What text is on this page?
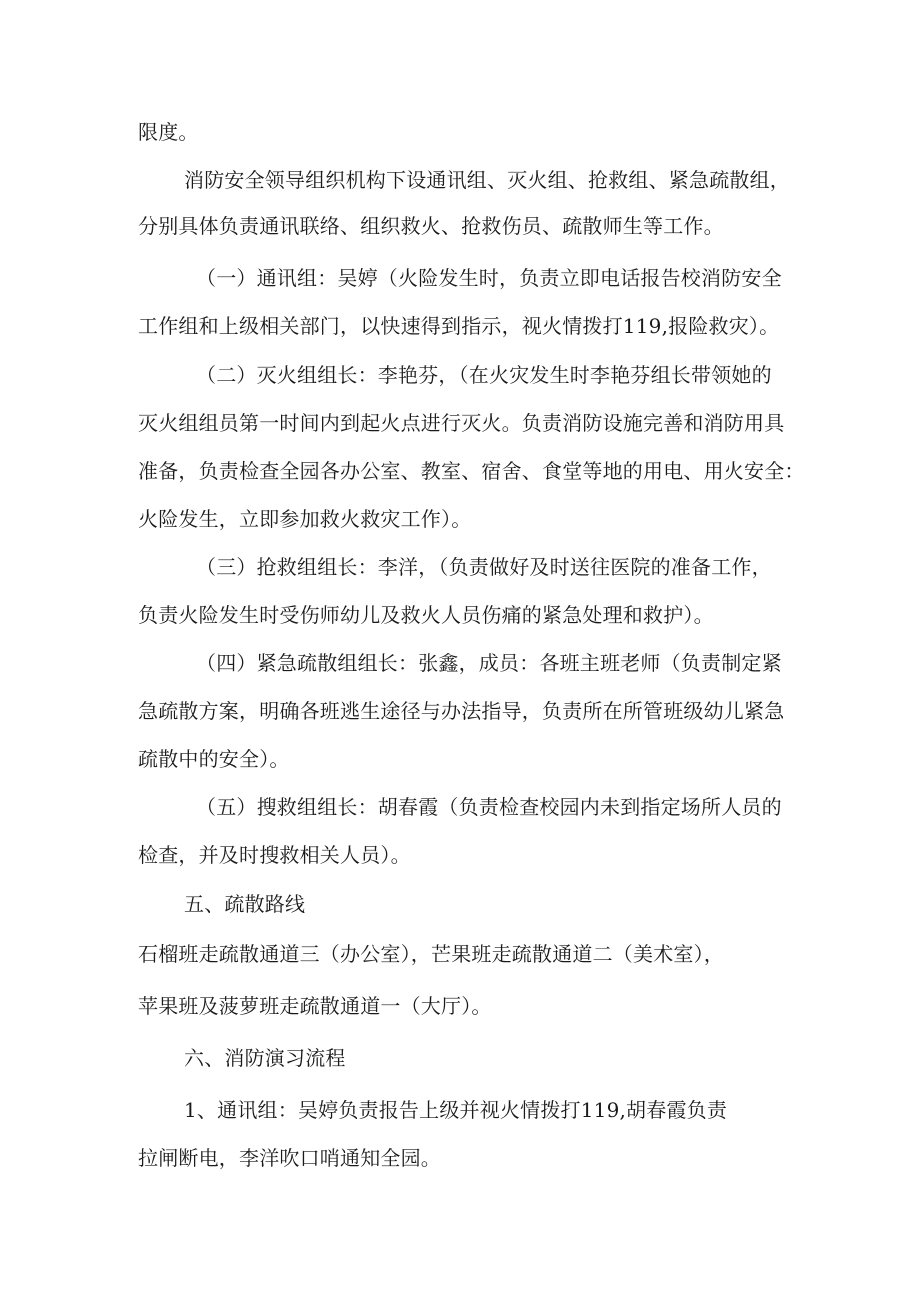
限度。
消防安全领导组织机构下设通讯组、灭火组、抢救组、紧急疏散组，
分别具体负责通讯联络、组织救火、抢救伤员、疏散师生等工作。
（一）通讯组：吴婷（火险发生时，负责立即电话报告校消防安全
工作组和上级相关部门，以快速得到指示，视火情拨打119,报险救灾）。
（二）灭火组组长：李艳芬，（在火灾发生时李艳芬组长带领她的
灭火组组员第一时间内到起火点进行灭火。负责消防设施完善和消防用具
准备，负责检查全园各办公室、教室、宿舍、食堂等地的用电、用火安全：
火险发生，立即参加救火救灾工作）。
（三）抢救组组长：李洋，（负责做好及时送往医院的准备工作，
负责火险发生时受伤师幼儿及救火人员伤痛的紧急处理和救护）。
（四）紧急疏散组组长：张鑫，成员：各班主班老师（负责制定紧
急疏散方案，明确各班逃生途径与办法指导，负责所在所管班级幼儿紧急
疏散中的安全）。
（五）搜救组组长：胡春霞（负责检查校园内未到指定场所人员的
检查，并及时搜救相关人员）。
五、疏散路线
石榴班走疏散通道三（办公室），芒果班走疏散通道二（美术室），
苹果班及菠萝班走疏散通道一（大厅）。
六、消防演习流程
1、通讯组：吴婷负责报告上级并视火情拨打119,胡春霞负责
拉闸断电，李洋吹口哨通知全园。
